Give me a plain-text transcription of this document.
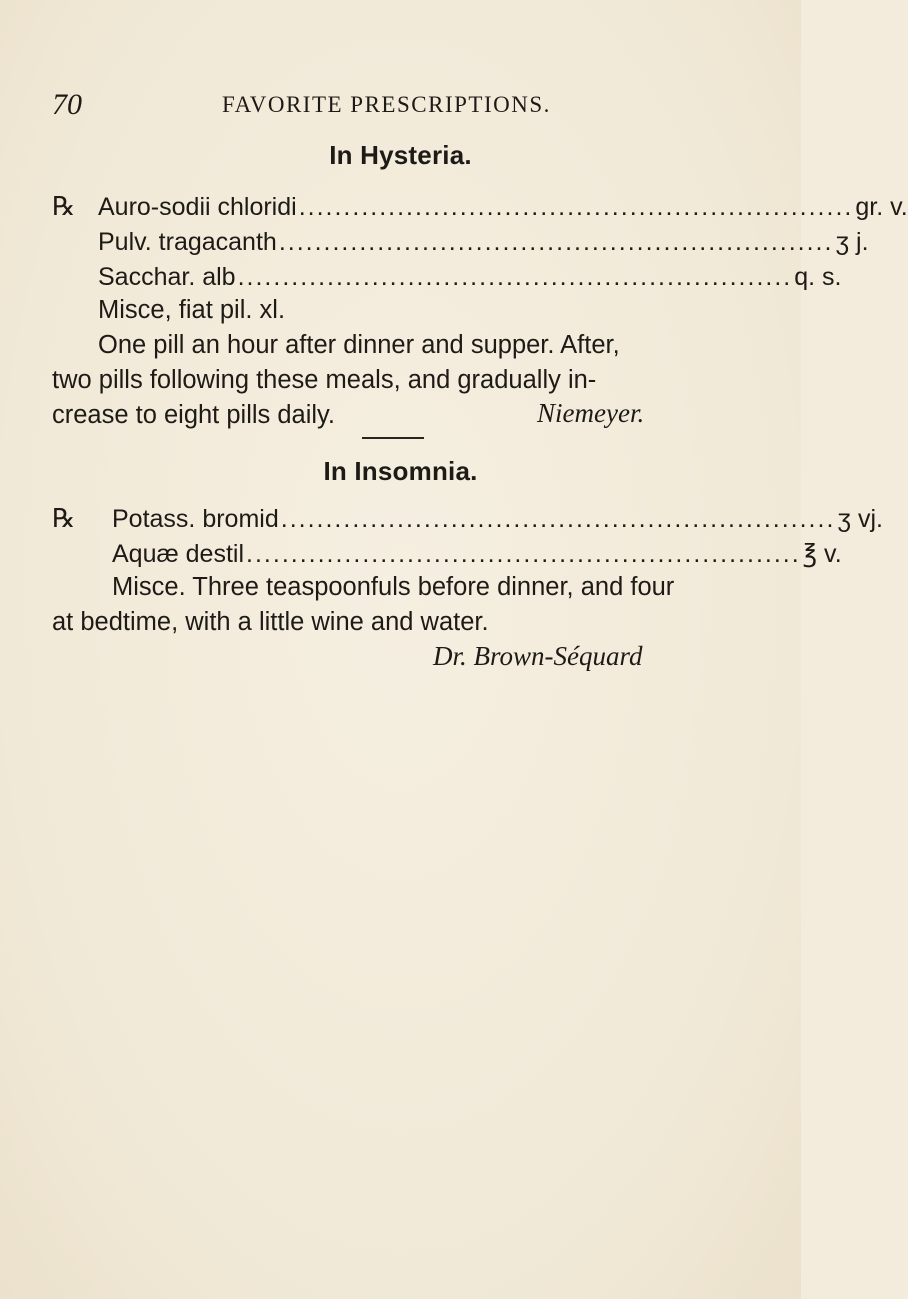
70	FAVORITE PRESCRIPTIONS.
In Hysteria.
℞ Auro-sodii chloridi .............................................................. gr. v.
Pulv. tragacanth .............................................................. ʒ j.
Sacchar. alb .............................................................. q. s.
Misce, fiat pil. xl.
One pill an hour after dinner and supper. After,
two pills following these meals, and gradually in-
crease to eight pills daily.	Niemeyer.
In Insomnia.
℞ Potass. bromid .............................................................. ʒ vj.
Aquæ destil .............................................................. ℥ v.
Misce. Three teaspoonfuls before dinner, and four
at bedtime, with a little wine and water.
Dr. Brown-Séquard
